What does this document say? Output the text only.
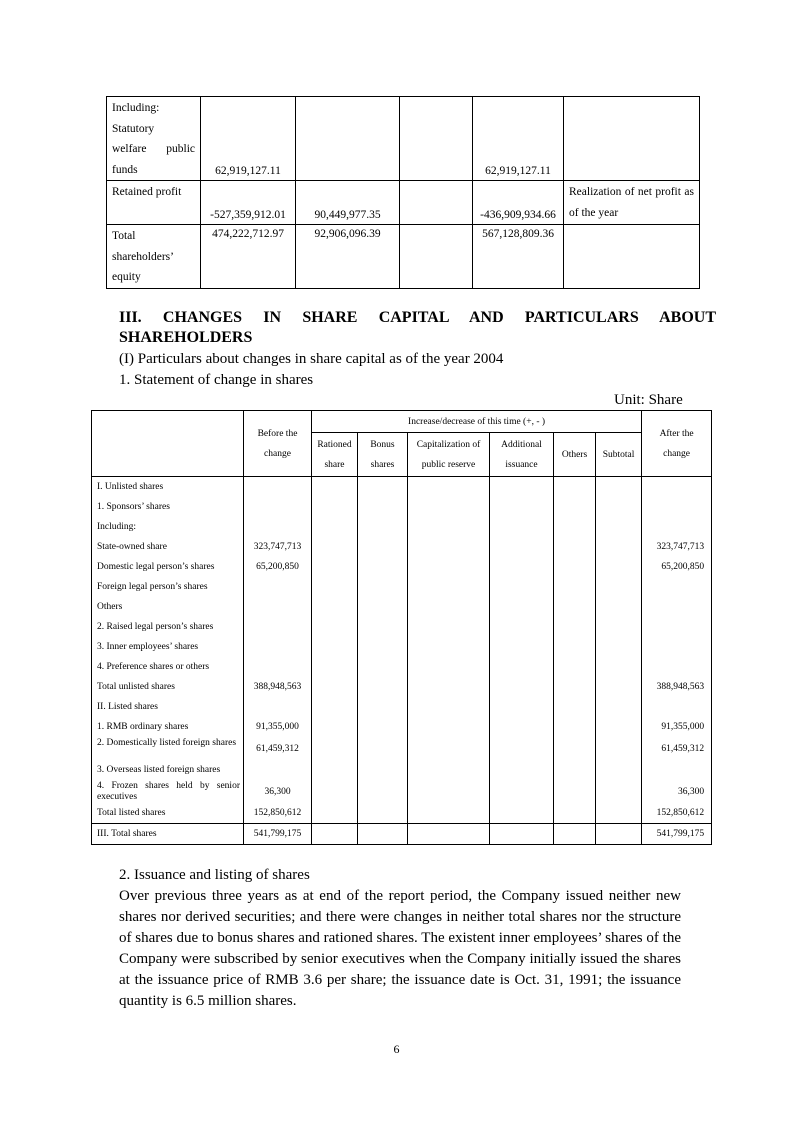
Including:
Statutory

welfare public
funds	62,919,127.11			62,919,127.11	
Retained profit	-527,359,912.01	90,449,977.35		-436,909,934.66	Realization of net profit as of the year
Total
shareholders’
equity	474,222,712.97	92,906,096.39		567,128,809.36	
III. CHANGES IN SHARE CAPITAL AND PARTICULARS ABOUT SHAREHOLDERS
(I) Particulars about changes in share capital as of the year 2004
1. Statement of change in shares
Unit: Share
	Before the change	Increase/decrease of this time (+, - )						After the change
		Rationed share	Bonus shares	Capitalization of public reserve	Additional issuance	Others	Subtotal	
I. Unlisted shares								
1. Sponsors’ shares								
Including:								
State-owned share	323,747,713							323,747,713
Domestic legal person’s shares	65,200,850							65,200,850
Foreign legal person’s shares								
Others								
2. Raised legal person’s shares								
3. Inner employees’ shares								
4. Preference shares or others								
Total unlisted shares	388,948,563							388,948,563
II. Listed shares								
1. RMB ordinary shares	91,355,000							91,355,000
2. Domestically listed foreign shares	61,459,312							61,459,312
3. Overseas listed foreign shares								
4. Frozen shares held by senior executives	36,300							36,300
Total listed shares	152,850,612							152,850,612
III. Total shares	541,799,175							541,799,175
2. Issuance and listing of shares
Over previous three years as at end of the report period, the Company issued neither new shares nor derived securities; and there were changes in neither total shares nor the structure of shares due to bonus shares and rationed shares. The existent inner employees’ shares of the Company were subscribed by senior executives when the Company initially issued the shares at the issuance price of RMB 3.6 per share; the issuance date is Oct. 31, 1991; the issuance quantity is 6.5 million shares.
6
